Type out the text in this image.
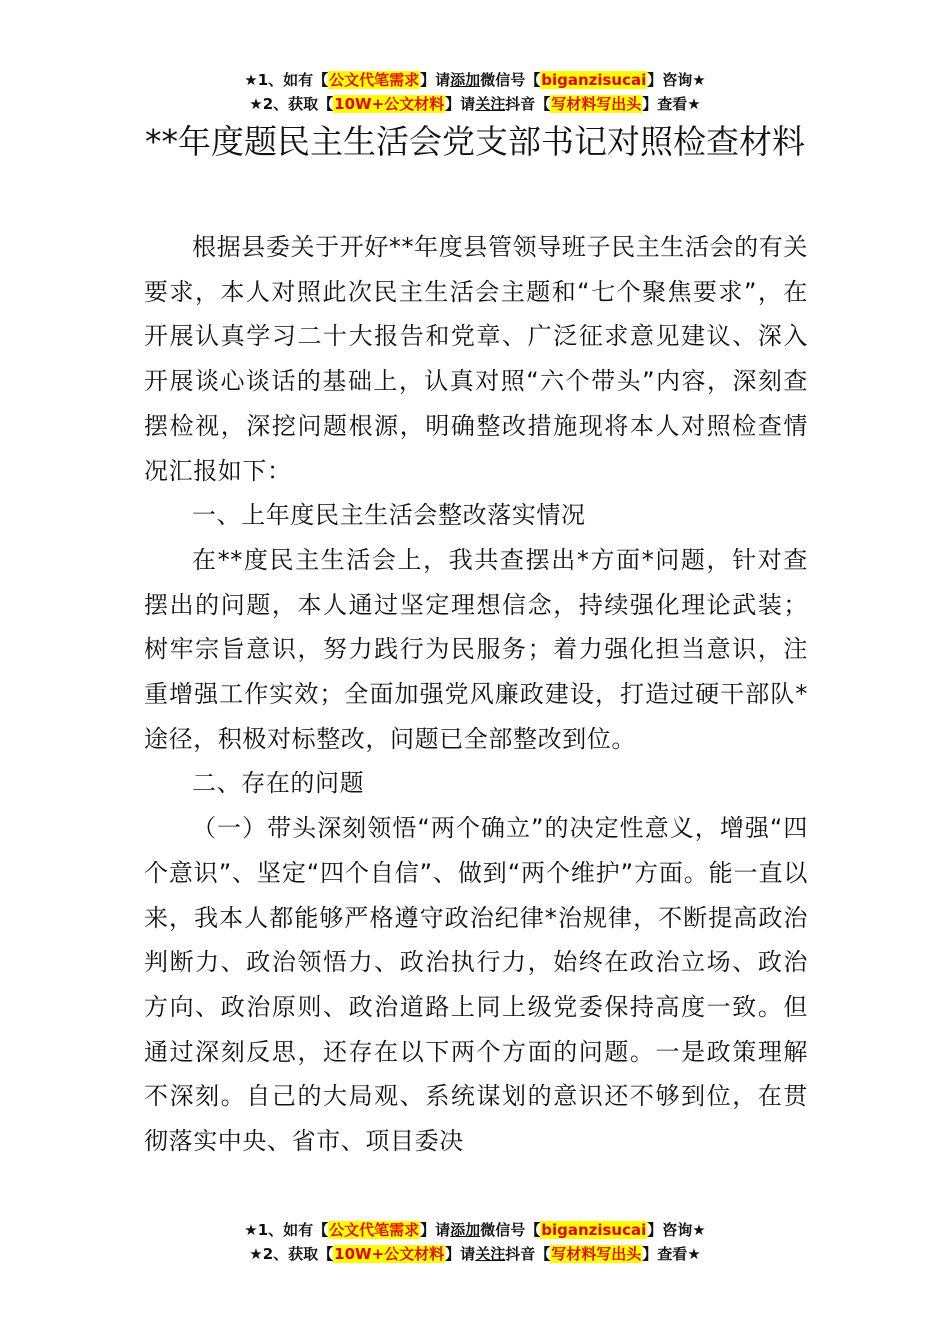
★1、如有【公文代笔需求】请添加微信号【biganzisucai】咨询★
★2、获取【10W+公文材料】请关注抖音【写材料写出头】查看★
**年度题民主生活会党支部书记对照检查材料

根据县委关于开好**年度县管领导班子民主生活会的有关要求，本人对照此次民主生活会主题和“七个聚焦要求”，在开展认真学习二十大报告和党章、广泛征求意见建议、深入开展谈心谈话的基础上，认真对照“六个带头”内容，深刻查摆检视，深挖问题根源，明确整改措施现将本人对照检查情况汇报如下：

一、上年度民主生活会整改落实情况

在**度民主生活会上，我共查摆出*方面*问题，针对查摆出的问题，本人通过坚定理想信念，持续强化理论武装；树牢宗旨意识，努力践行为民服务；着力强化担当意识，注重增强工作实效；全面加强党风廉政建设，打造过硬干部队*途径，积极对标整改，问题已全部整改到位。

二、存在的问题

（一）带头深刻领悟“两个确立”的决定性意义，增强“四个意识”、坚定“四个自信”、做到“两个维护”方面。能一直以来，我本人都能够严格遵守政治纪律*治规律，不断提高政治判断力、政治领悟力、政治执行力，始终在政治立场、政治方向、政治原则、政治道路上同上级党委保持高度一致。但通过深刻反思，还存在以下两个方面的问题。一是政策理解不深刻。自己的大局观、系统谋划的意识还不够到位，在贯彻落实中央、省市、项目委决

★1、如有【公文代笔需求】请添加微信号【biganzisucai】咨询★
★2、获取【10W+公文材料】请关注抖音【写材料写出头】查看★
